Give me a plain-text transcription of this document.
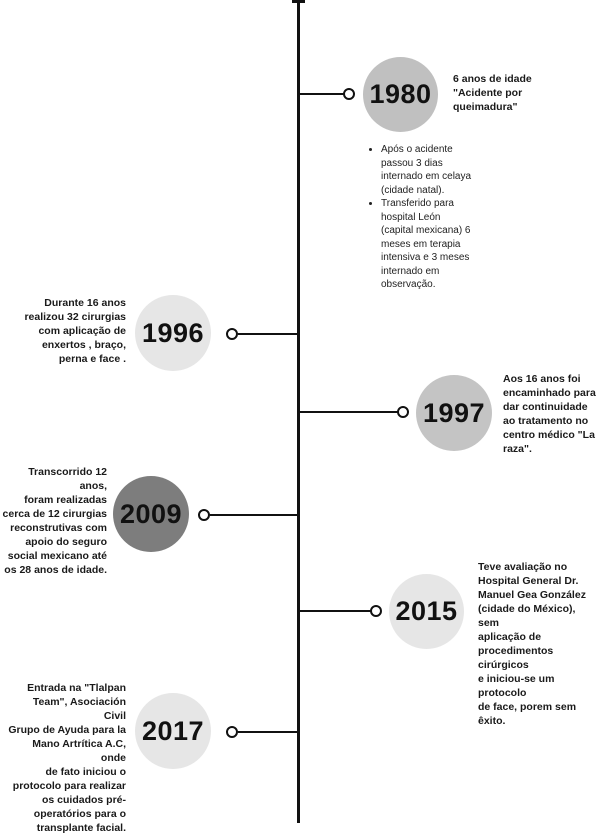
1980 6 anos de idade
"Acidente por
queimadura"
• Após o acidente
passou 3 dias
internado em celaya
(cidade natal).
• Transferido para
hospital León
(capital mexicana) 6
meses em terapia
intensiva e 3 meses
internado em
observação.
Durante 16 anos
realizou 32 cirurgias
com aplicação de
enxertos , braço,
perna e face .
1996
1997
Aos 16 anos foi
encaminhado para
dar continuidade
ao tratamento no
centro médico "La
raza".
Transcorrido 12 anos,
foram realizadas
cerca de 12 cirurgias
reconstrutivas com
apoio do seguro
social mexicano até
os 28 anos de idade.
2009
2015
Teve avaliação no
Hospital General Dr.
Manuel Gea González
(cidade do México), sem
aplicação de
procedimentos cirúrgicos
e iniciou-se um protocolo
de face, porem sem êxito.
Entrada na "Tlalpan
Team", Asociación Civil
Grupo de Ayuda para la
Mano Artrítica A.C, onde
de fato iniciou o
protocolo para realizar
os cuidados pré-
operatórios para o
transplante facial.
2017
